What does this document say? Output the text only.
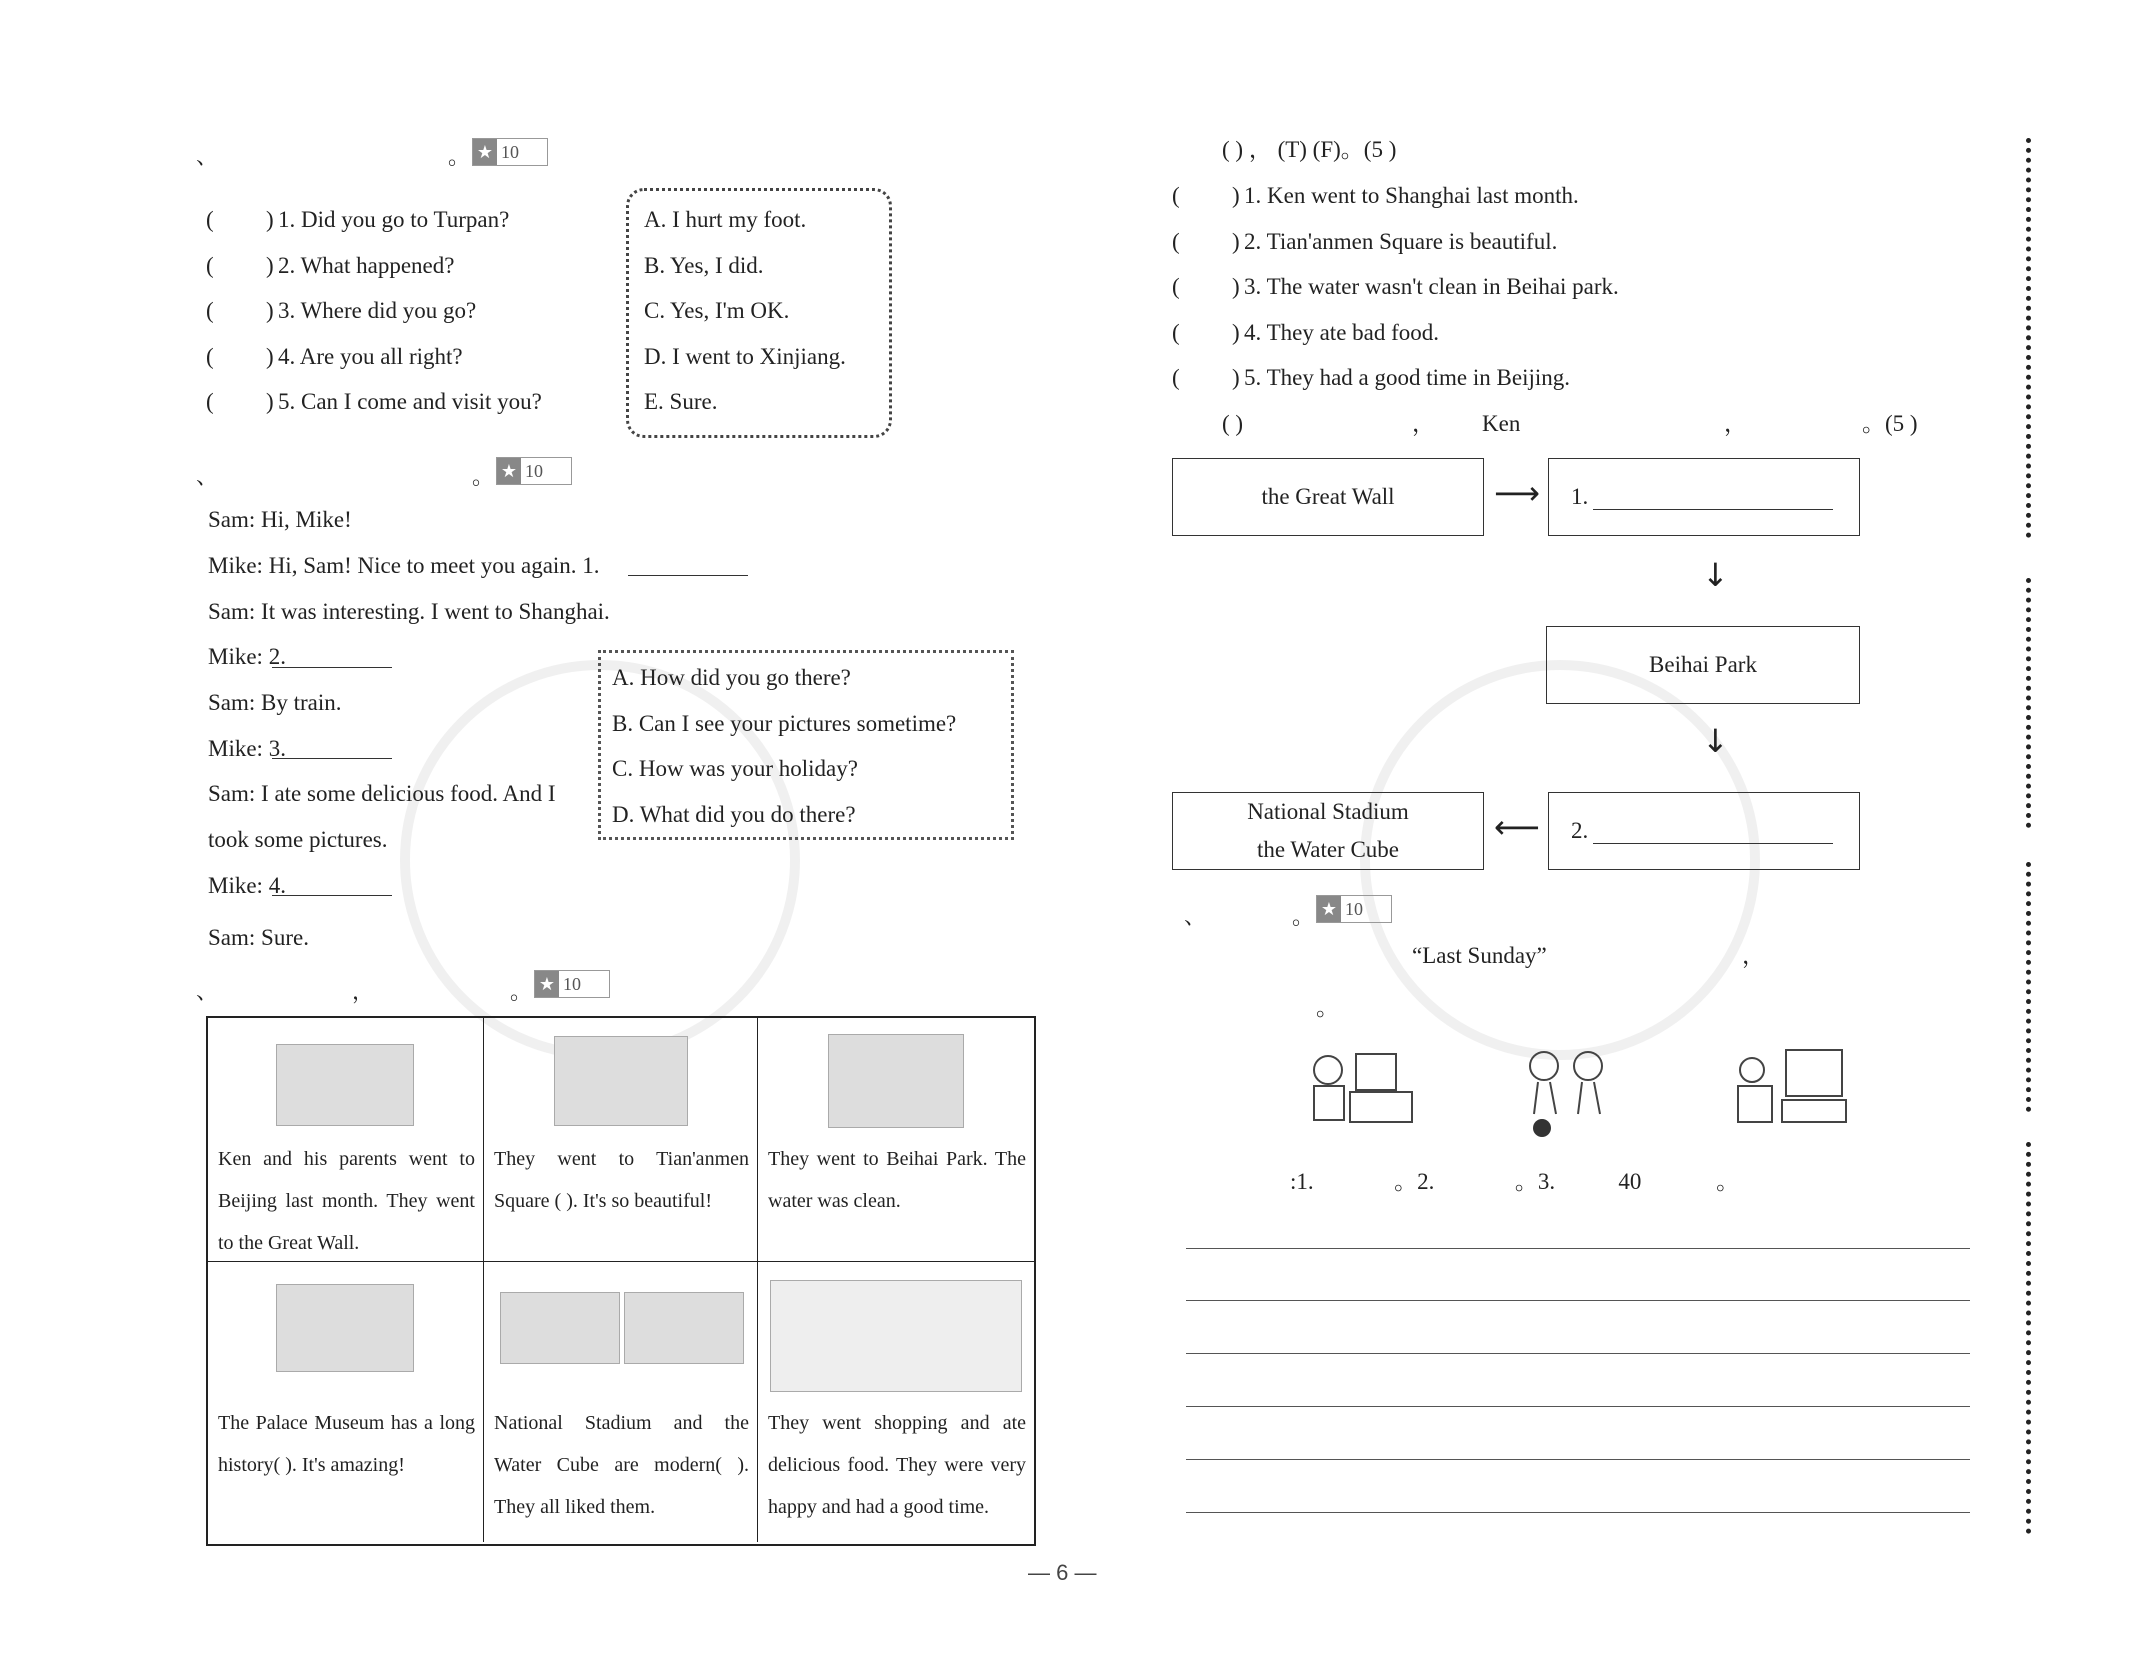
、	。 ★ 10
( ) 1. Did you go to Turpan?
( ) 2. What happened?
( ) 3. Where did you go?
( ) 4. Are you all right?
( ) 5. Can I come and visit you?
A. I hurt my foot.
B. Yes, I did.
C. Yes, I'm OK.
D. I went to Xinjiang.
E. Sure.
、	。 ★ 10
Sam: Hi, Mike!
Mike: Hi, Sam! Nice to meet you again. 1.
Sam: It was interesting. I went to Shanghai.
Mike: 2.
Sam: By train.
Mike: 3.
Sam: I ate some delicious food. And I
took some pictures.
Mike: 4.
Sam: Sure.
A. How did you go there?
B. Can I see your pictures sometime?
C. How was your holiday?
D. What did you do there?
、	，	。 ★ 10
Ken and his parents went to Beijing last month. They went to the Great Wall.
They went to Tian'anmen Square ( ). It's so beautiful!
They went to Beihai Park. The water was clean.
The Palace Museum has a long history( ). It's amazing!
National Stadium and the Water Cube are modern( ). They all liked them.
They went shopping and ate delicious food. They were very happy and had a good time.
— 6 —
( ) ， (T) (F)。(5 )
( ) 1. Ken went to Shanghai last month.
( ) 2. Tian'anmen Square is beautiful.
( ) 3. The water wasn't clean in Beihai park.
( ) 4. They ate bad food.
( ) 5. They had a good time in Beijing.
( )	， Ken	，	。(5 )
the Great Wall	⟶ 1.
↓
Beihai Park
↓
2.
⟵
National Stadium
the Water Cube
、	。 ★ 10
“Last Sunday”	，
。
:1.              。2.              。3.           40             。
